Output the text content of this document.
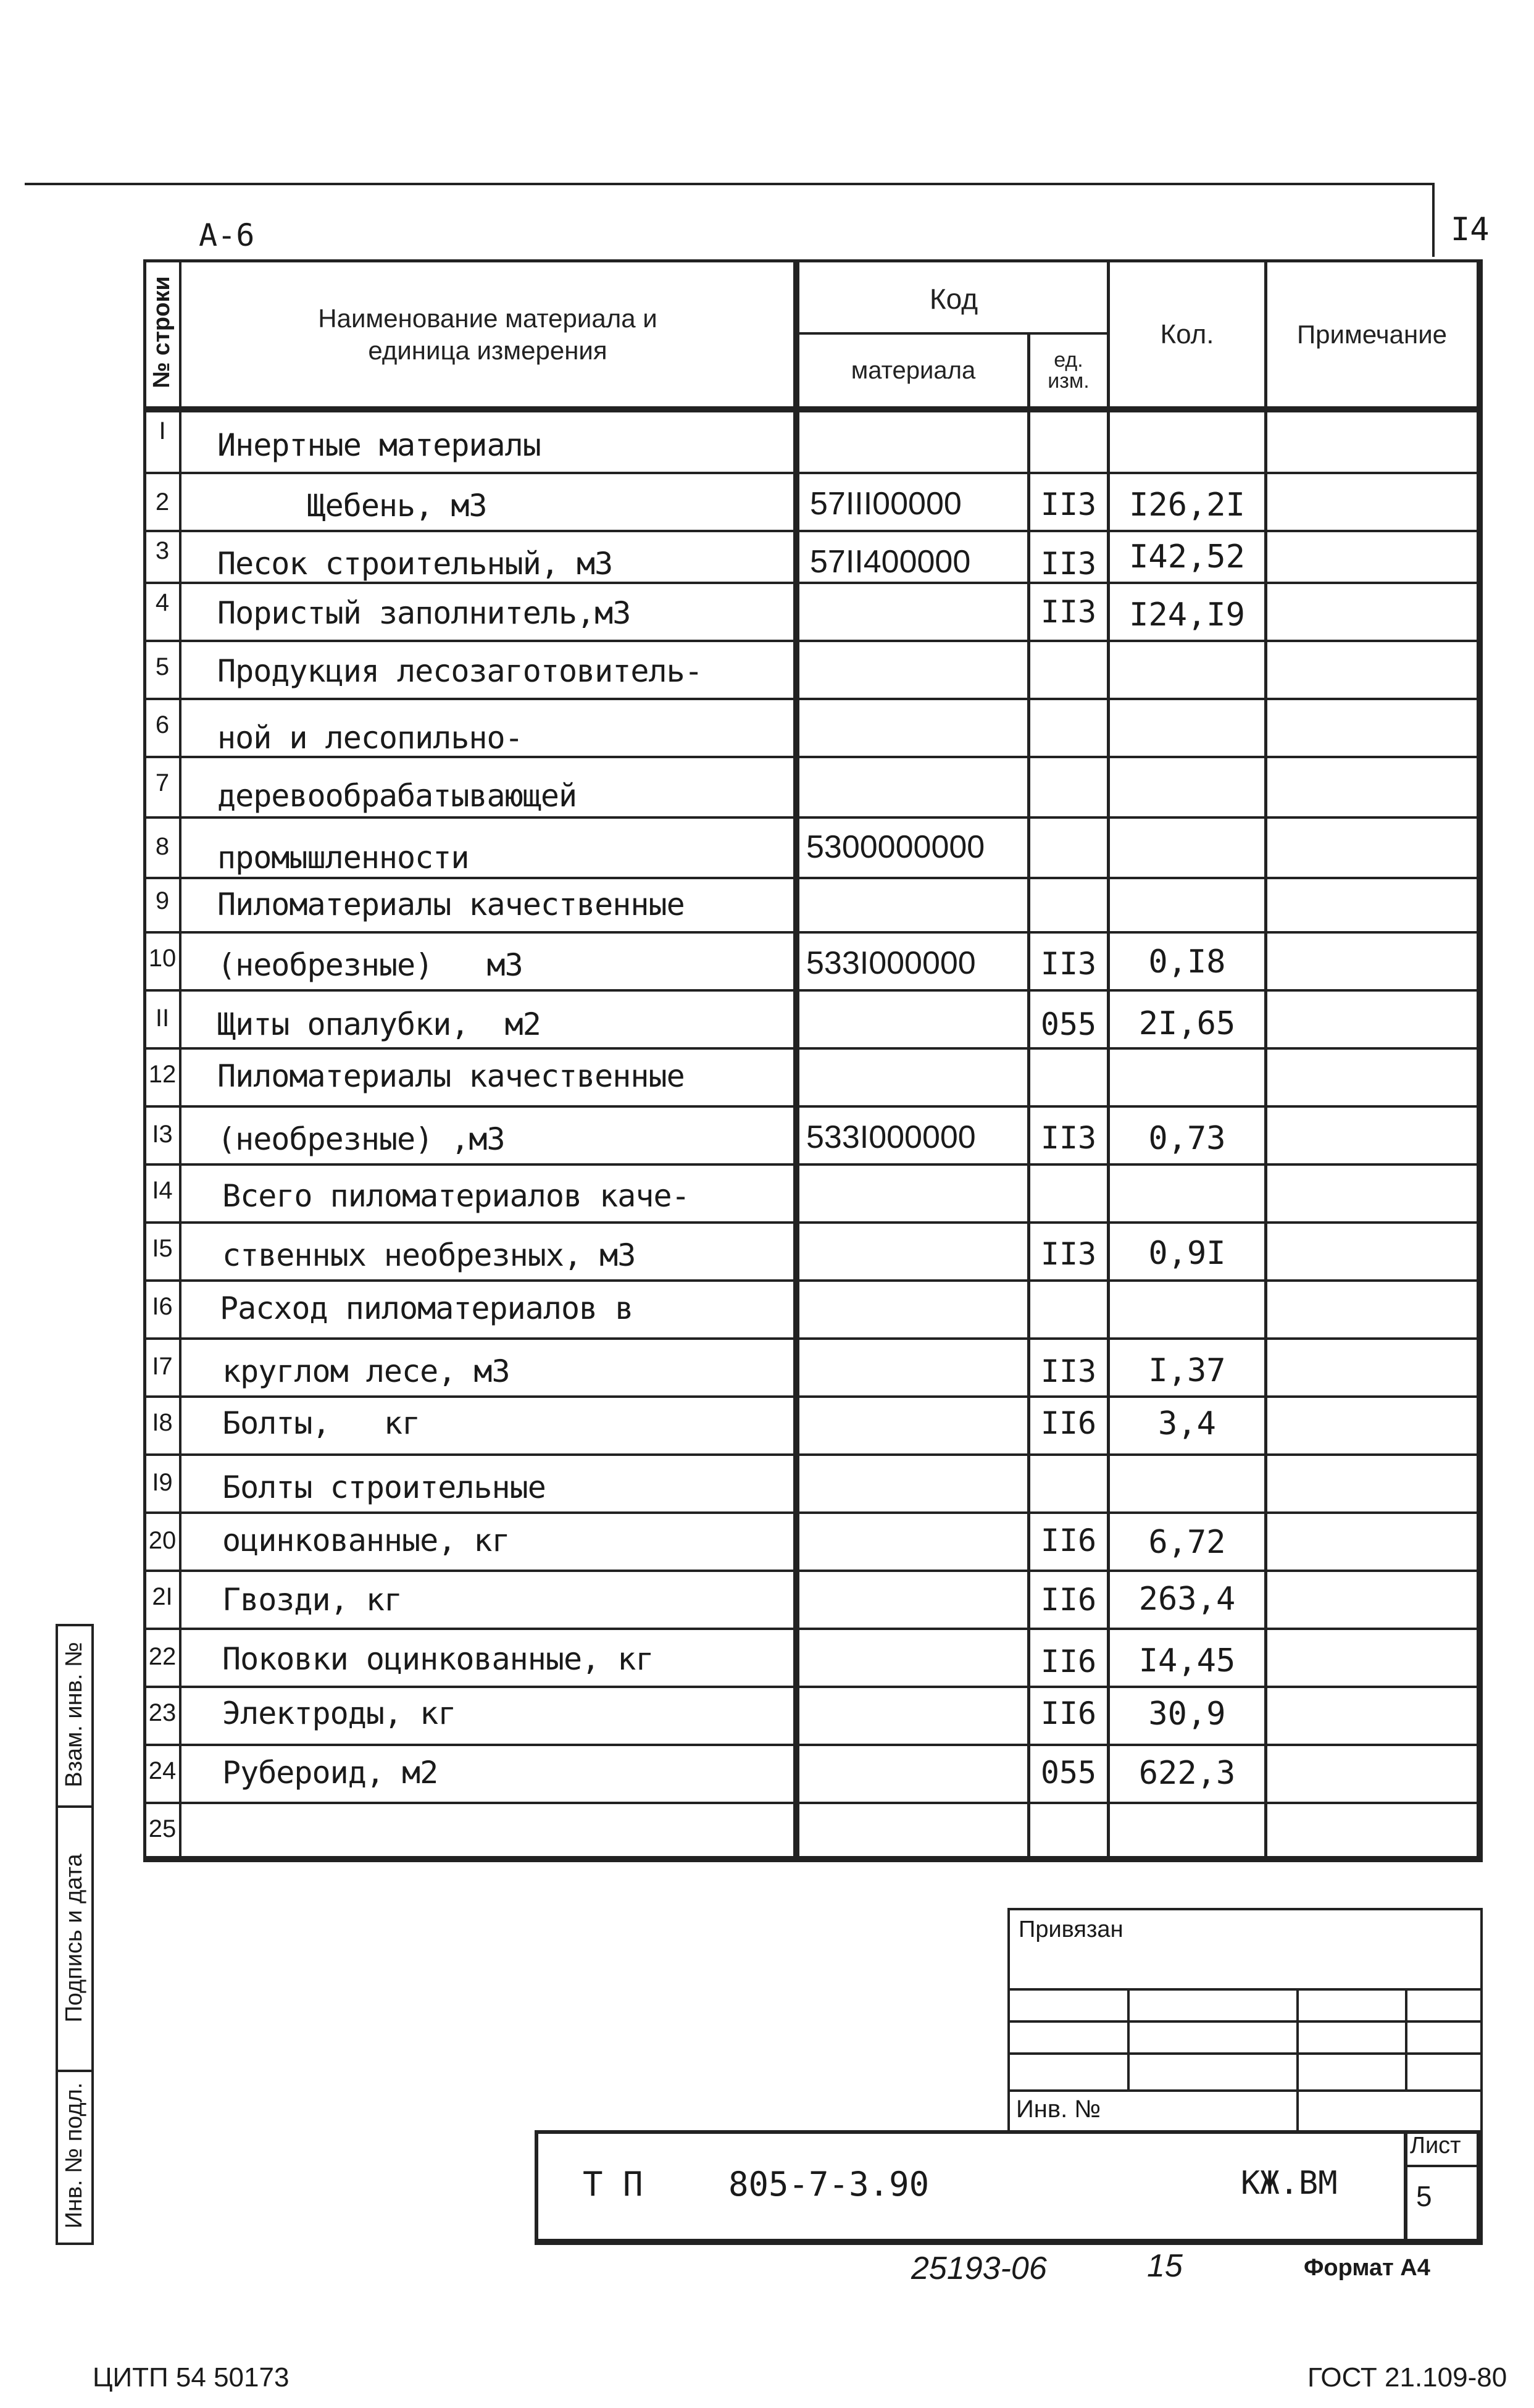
А-6	I4
№ строки	Наименование материала и
единица измерения
Код
материала	ед.
изм.
Кол.	Примечание
I	Инертные материалы
2 Щебень, м3	57III00000	II3	I26,2I
3 Песок строительный, м3	57II400000	II3	I42,52
4 Пористый заполнитель,м3	II3	I24,I9
5 Продукция лесозаготовитель-
6 ной и лесопильно-
7 деревообрабатывающей
8 промышленности	5300000000
9 Пиломатериалы качественные
10 (необрезные)   м3	533I000000	II3	0,I8
II Щиты опалубки,  м2	055	2I,65
12 Пиломатериалы качественные
I3 (необрезные) ,м3	533I000000	II3	0,73
I4 Всего пиломатериалов каче-
I5 ственных необрезных, м3	II3	0,9I
I6 Расход пиломатериалов в
I7 круглом лесе, м3	II3	I,37
I8 Болты,   кг	II6	3,4
I9 Болты строительные
20 оцинкованные, кг	II6	6,72
2I Гвозди, кг	II6	263,4
22 Поковки оцинкованные, кг	II6	I4,45
23 Электроды, кг	II6	30,9
24 Рубероид, м2	055	622,3
25
Привязан
Инв. №
Т П	805-7-3.90	КЖ.ВМ
Лист
5
Взам. инв. №
Подпись и дата
Инв. № подл.
25193-06	15	Формат А4
ЦИТП 54 50173	ГОСТ 21.109-80
